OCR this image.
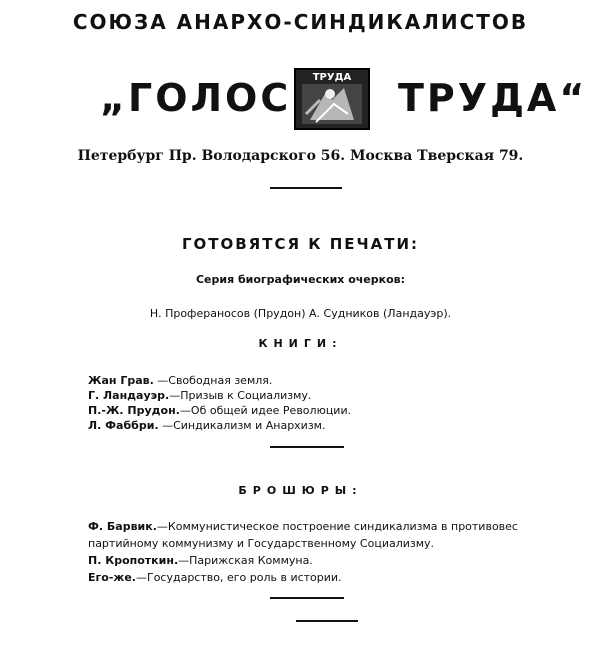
СОЮЗА АНАРХО-СИНДИКАЛИСТОВ
„ГОЛОС	ТРУДА	ТРУДА“
Петербург Пр. Володарского 56. Москва Тверская 79.
ГОТОВЯТСЯ К ПЕЧАТИ:
Серия биографических очерков:
Н. Профераносов (Прудон) А. Судников (Ландауэр).
КНИГИ:
Жан Грав. —Свободная земля.
Г. Ландауэр.—Призыв к Социализму.
П.-Ж. Прудон.—Об общей идее Революции.
Л. Фаббри. —Синдикализм и Анархизм.
БРОШЮРЫ:
Ф. Барвик.—Коммунистическое построение синдикализма в противовес партийному коммунизму и Государственному Социализму.
П. Кропоткин.—Парижская Коммуна.
Его-же.—Государство, его роль в истории.
